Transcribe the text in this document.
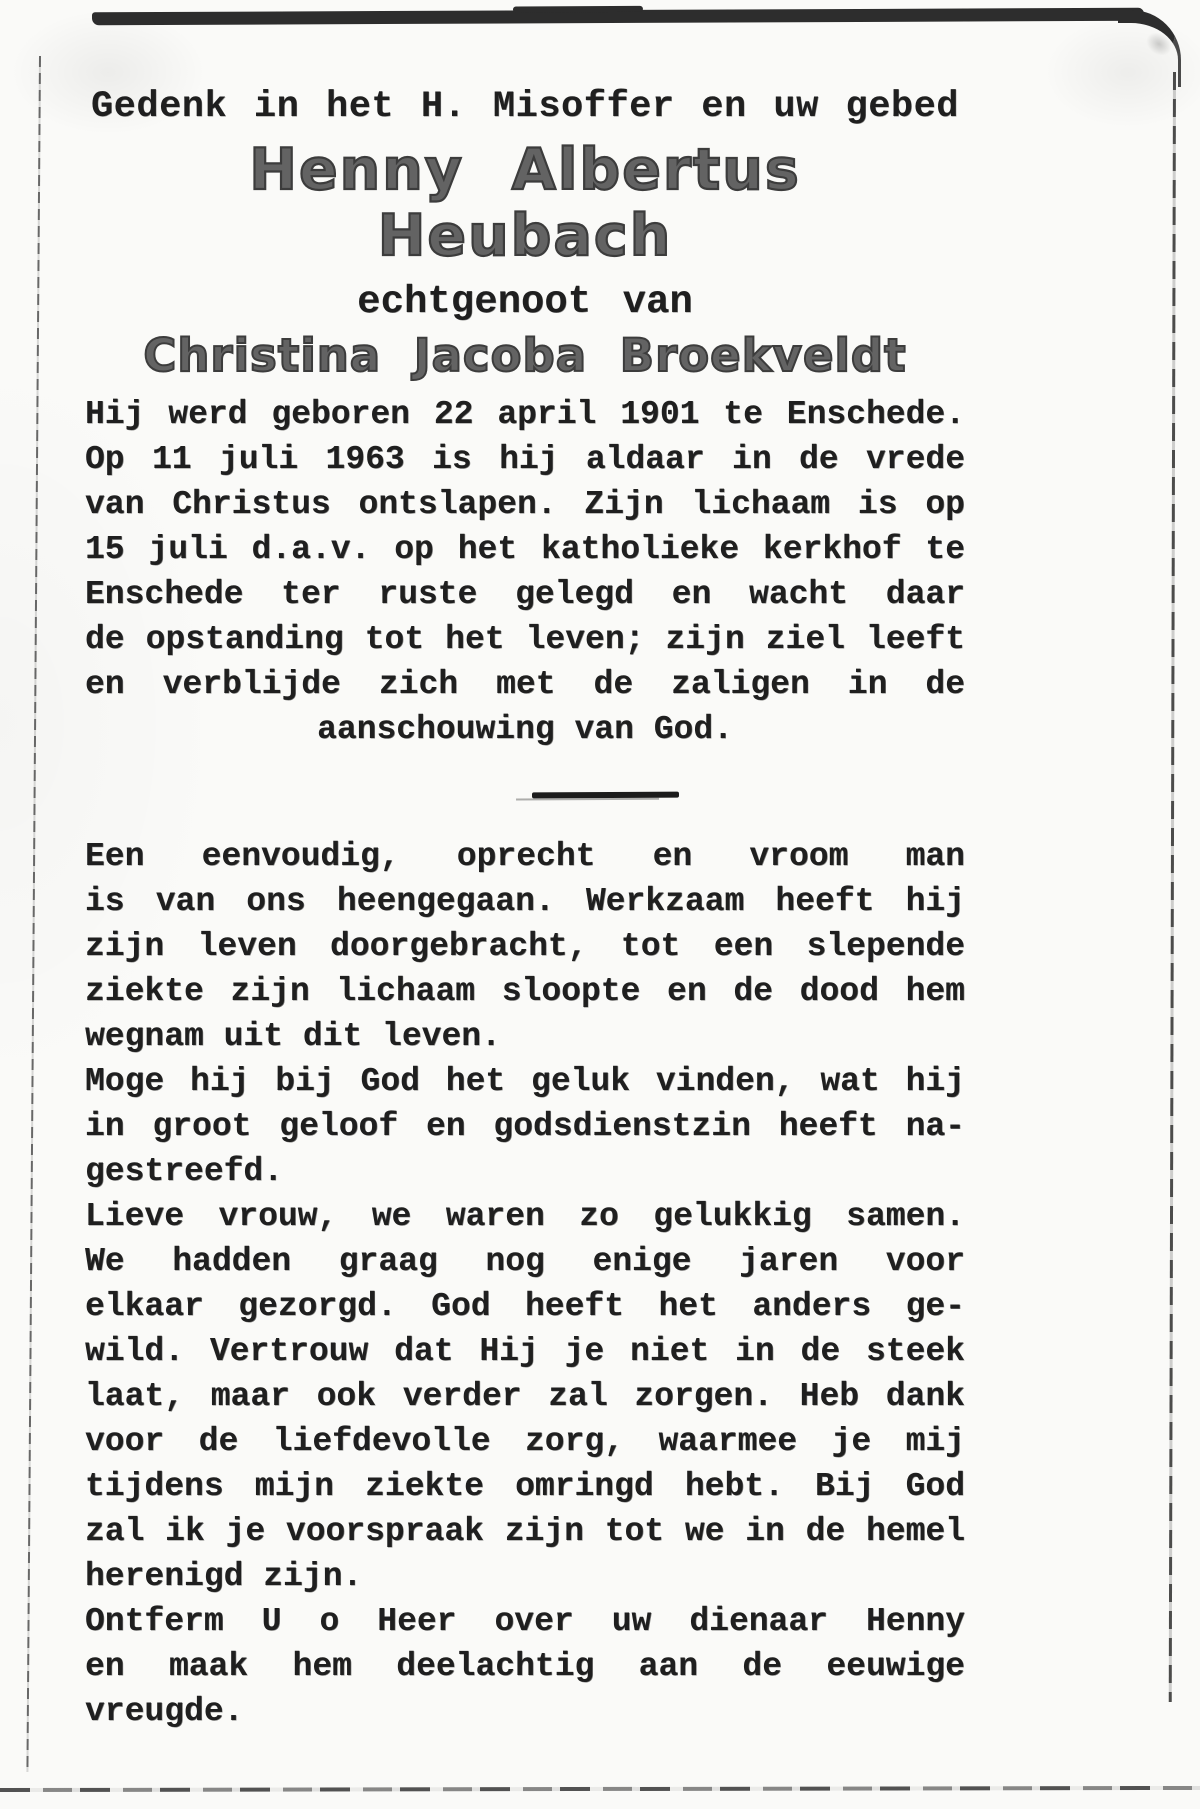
Gedenk in het H. Misoffer en uw gebed
Henny Albertus Heubach
echtgenoot van
Christina Jacoba Broekveldt
Hij werd geboren 22 april 1901 te Enschede.
Op 11 juli 1963 is hij aldaar in de vrede
van Christus ontslapen. Zijn lichaam is op
15 juli d.a.v. op het katholieke kerkhof te
Enschede ter ruste gelegd en wacht daar
de opstanding tot het leven; zijn ziel leeft
en verblijde zich met de zaligen in de
aanschouwing van God.
Een eenvoudig, oprecht en vroom man
is van ons heengegaan. Werkzaam heeft hij
zijn leven doorgebracht, tot een slepende
ziekte zijn lichaam sloopte en de dood hem
wegnam uit dit leven.
Moge hij bij God het geluk vinden, wat hij
in groot geloof en godsdienstzin heeft na-
gestreefd.
Lieve vrouw, we waren zo gelukkig samen.
We hadden graag nog enige jaren voor
elkaar gezorgd. God heeft het anders ge-
wild. Vertrouw dat Hij je niet in de steek
laat, maar ook verder zal zorgen. Heb dank
voor de liefdevolle zorg, waarmee je mij
tijdens mijn ziekte omringd hebt. Bij God
zal ik je voorspraak zijn tot we in de hemel
herenigd zijn.
Ontferm U o Heer over uw dienaar Henny
en maak hem deelachtig aan de eeuwige
vreugde.
